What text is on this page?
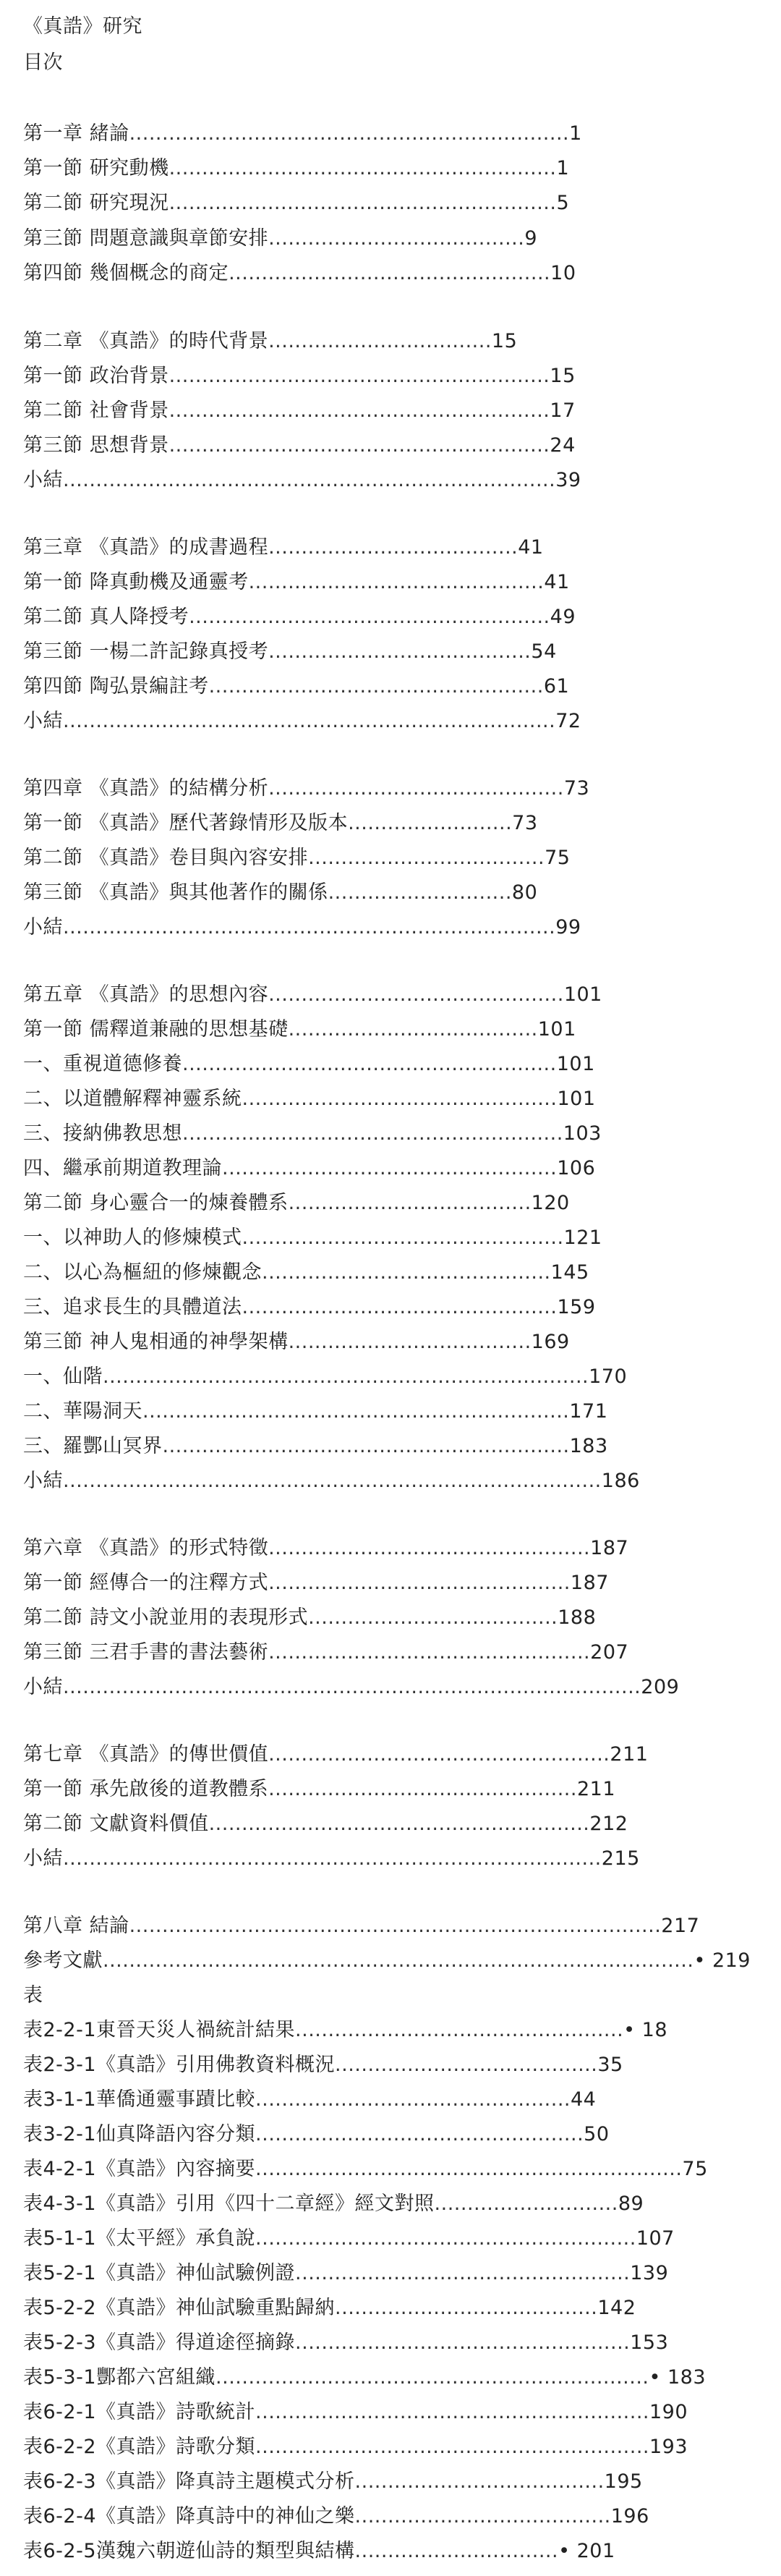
《真誥》研究
目次
第一章 緒論...................................................................1
第一節 研究動機...........................................................1
第二節 研究現況...........................................................5
第三節 問題意識與章節安排.......................................9
第四節 幾個概念的商定.................................................10
第二章 《真誥》的時代背景..................................15
第一節 政治背景..........................................................15
第二節 社會背景..........................................................17
第三節 思想背景..........................................................24
小結...........................................................................39
第三章 《真誥》的成書過程......................................41
第一節 降真動機及通靈考.............................................41
第二節 真人降授考.......................................................49
第三節 一楊二許記錄真授考........................................54
第四節 陶弘景編註考...................................................61
小結...........................................................................72
第四章 《真誥》的結構分析.............................................73
第一節 《真誥》歷代著錄情形及版本.........................73
第二節 《真誥》卷目與內容安排....................................75
第三節 《真誥》與其他著作的關係............................80
小結...........................................................................99
第五章 《真誥》的思想內容.............................................101
第一節 儒釋道兼融的思想基礎......................................101
一、重視道德修養.........................................................101
二、以道體解釋神靈系統................................................101
三、接納佛教思想..........................................................103
四、繼承前期道教理論...................................................106
第二節 身心靈合一的煉養體系.....................................120
一、以神助人的修煉模式.................................................121
二、以心為樞紐的修煉觀念............................................145
三、追求長生的具體道法................................................159
第三節 神人鬼相通的神學架構.....................................169
一、仙階..........................................................................170
二、華陽洞天.................................................................171
三、羅酆山冥界..............................................................183
小結..................................................................................186
第六章 《真誥》的形式特徵.................................................187
第一節 經傳合一的注釋方式..............................................187
第二節 詩文小說並用的表現形式......................................188
第三節 三君手書的書法藝術.................................................207
小結........................................................................................209
第七章 《真誥》的傳世價值....................................................211
第一節 承先啟後的道教體系...............................................211
第二節 文獻資料價值..........................................................212
小結..................................................................................215
第八章 結論.................................................................................217
參考文獻..........................................................................................• 219
表
表2-2-1東晉天災人禍統計結果..................................................• 18
表2-3-1《真誥》引用佛教資料概況........................................35
表3-1-1華僑通靈事蹟比較................................................44
表3-2-1仙真降語內容分類..................................................50
表4-2-1《真誥》內容摘要.................................................................75
表4-3-1《真誥》引用《四十二章經》經文對照............................89
表5-1-1《太平經》承負說..........................................................107
表5-2-1《真誥》神仙試驗例證...................................................139
表5-2-2《真誥》神仙試驗重點歸納........................................142
表5-2-3《真誥》得道途徑摘錄...................................................153
表5-3-1酆都六宮組織..................................................................• 183
表6-2-1《真誥》詩歌統計............................................................190
表6-2-2《真誥》詩歌分類............................................................193
表6-2-3《真誥》降真詩主題模式分析......................................195
表6-2-4《真誥》降真詩中的神仙之樂.......................................196
表6-2-5漢魏六朝遊仙詩的類型與結構...............................• 201
